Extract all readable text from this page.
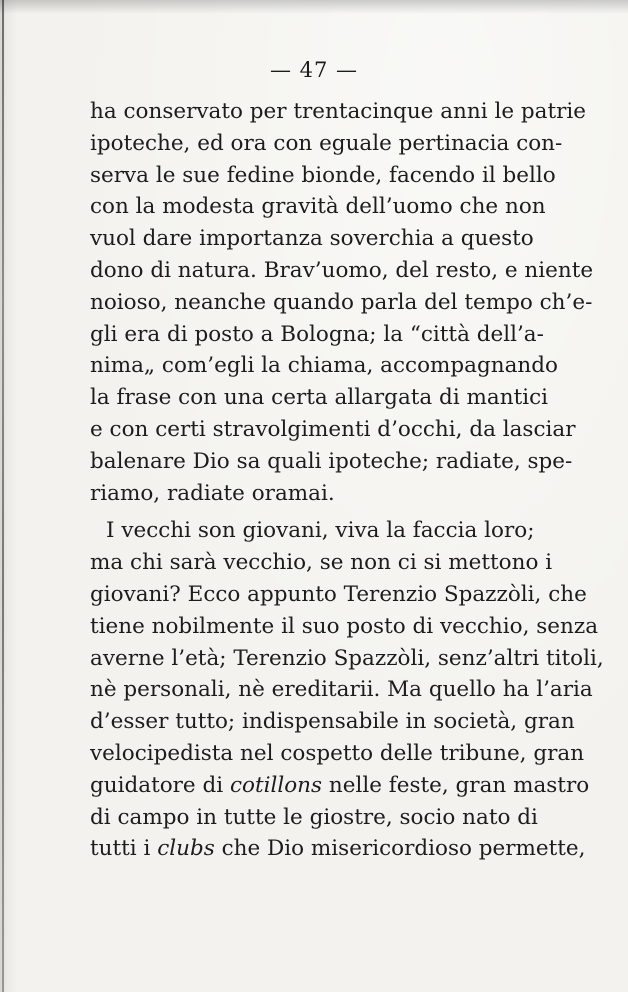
— 47 —
ha conservato per trentacinque anni le patrie
ipoteche, ed ora con eguale pertinacia con-
serva le sue fedine bionde, facendo il bello
con la modesta gravità dell’uomo che non
vuol dare importanza soverchia a questo
dono di natura. Brav’uomo, del resto, e niente
noioso, neanche quando parla del tempo ch’e-
gli era di posto a Bologna; la “città dell’a-
nima„ com’egli la chiama, accompagnando
la frase con una certa allargata di mantici
e con certi stravolgimenti d’occhi, da lasciar
balenare Dio sa quali ipoteche; radiate, spe-
riamo, radiate oramai.
I vecchi son giovani, viva la faccia loro;
ma chi sarà vecchio, se non ci si mettono i
giovani? Ecco appunto Terenzio Spazzòli, che
tiene nobilmente il suo posto di vecchio, senza
averne l’età; Terenzio Spazzòli, senz’altri titoli,
nè personali, nè ereditarii. Ma quello ha l’aria
d’esser tutto; indispensabile in società, gran
velocipedista nel cospetto delle tribune, gran
guidatore di cotillons nelle feste, gran mastro
di campo in tutte le giostre, socio nato di
tutti i clubs che Dio misericordioso permette,
